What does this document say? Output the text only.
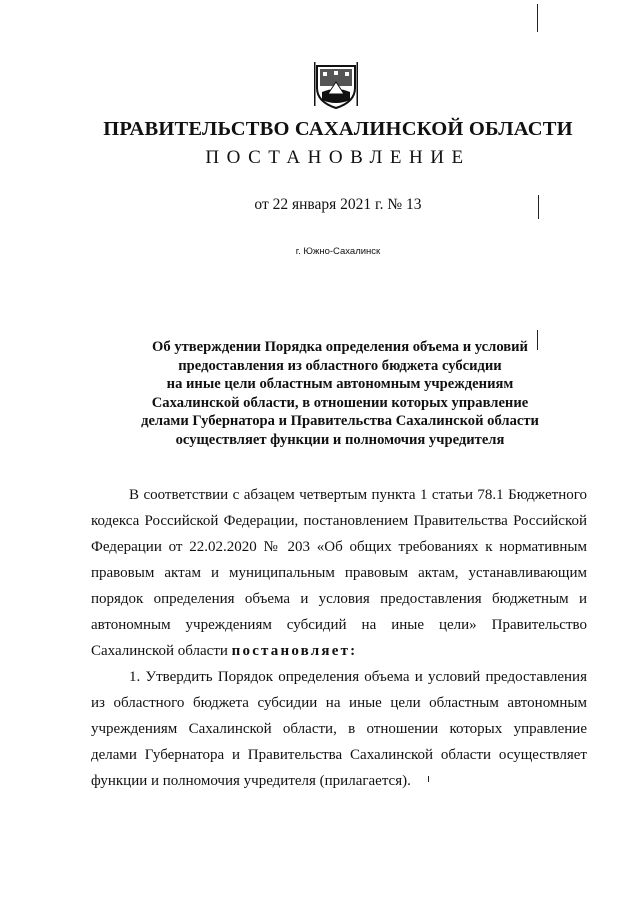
ПРАВИТЕЛЬСТВО САХАЛИНСКОЙ ОБЛАСТИ
ПОСТАНОВЛЕНИЕ
от 22 января 2021 г. № 13
г. Южно-Сахалинск
Об утверждении Порядка определения объема и условий
предоставления из областного бюджета субсидии
на иные цели областным автономным учреждениям
Сахалинской области, в отношении которых управление
делами Губернатора и Правительства Сахалинской области
осуществляет функции и полномочия учредителя
В соответствии с абзацем четвертым пункта 1 статьи 78.1 Бюджетного
кодекса Российской Федерации, постановлением Правительства Российской
Федерации от 22.02.2020 № 203 «Об общих требованиях к нормативным
правовым актам и муниципальным правовым актам, устанавливающим
порядок определения объема и условия предоставления бюджетным и
автономным учреждениям субсидий на иные цели» Правительство
Сахалинской области постановляет:
1. Утвердить Порядок определения объема и условий предоставления
из областного бюджета субсидии на иные цели областным автономным
учреждениям Сахалинской области, в отношении которых управление
делами Губернатора и Правительства Сахалинской области осуществляет
функции и полномочия учредителя (прилагается).
